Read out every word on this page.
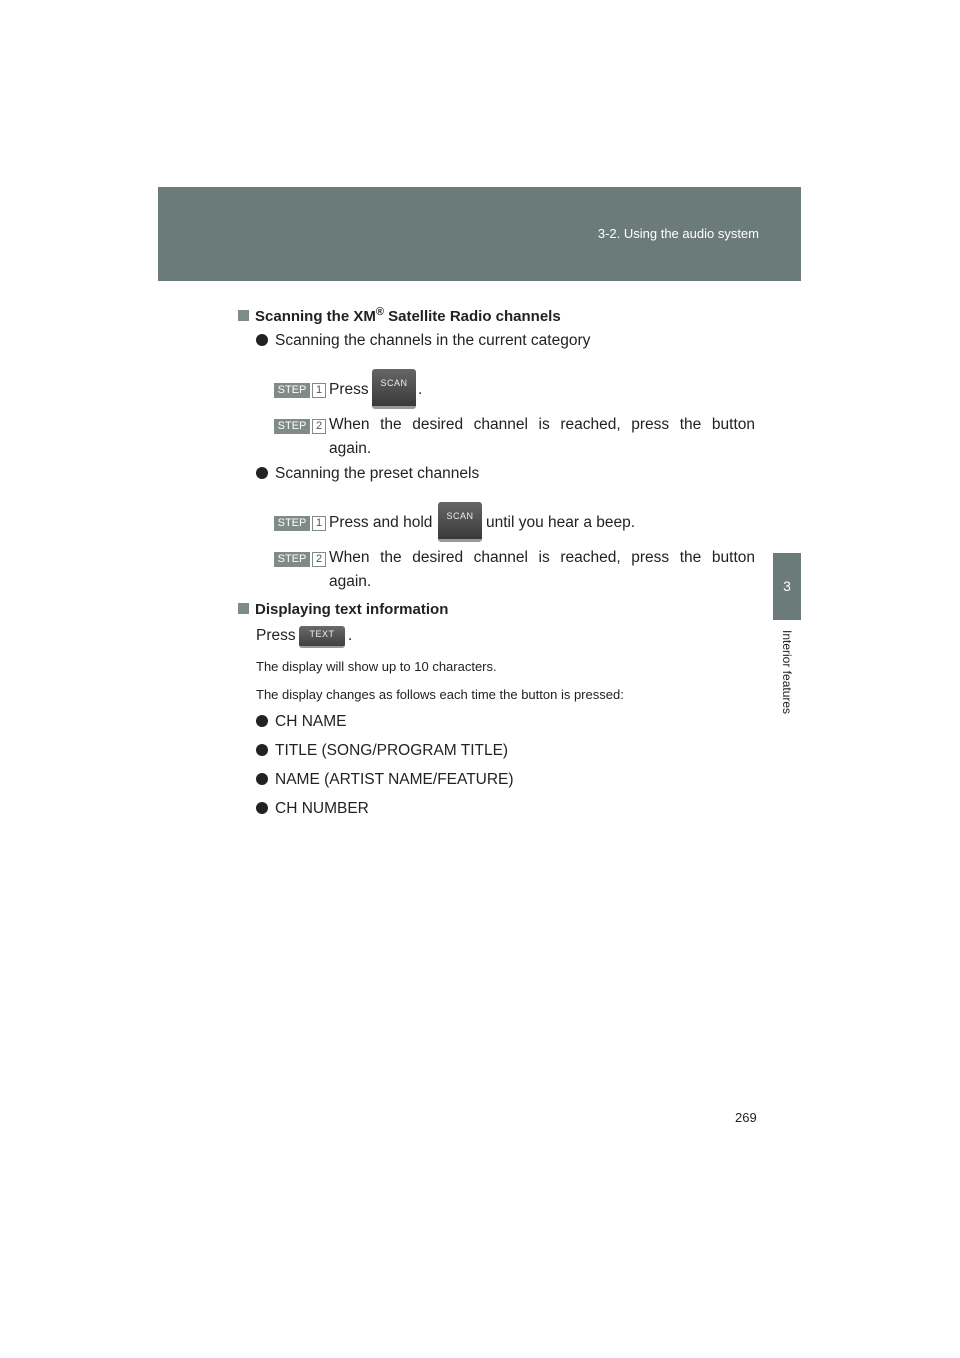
3-2. Using the audio system
3
Interior features
Scanning the XM® Satellite Radio channels
Scanning the channels in the current category
STEP 1 Press	SCAN .
STEP 2 When the desired channel is reached, press the button
again.
Scanning the preset channels
STEP 1 Press and hold	SCAN until you hear a beep.
STEP 2 When the desired channel is reached, press the button
again.
Displaying text information
Press	TEXT .
The display will show up to 10 characters.
The display changes as follows each time the button is pressed:
CH NAME
TITLE (SONG/PROGRAM TITLE)
NAME (ARTIST NAME/FEATURE)
CH NUMBER
269
